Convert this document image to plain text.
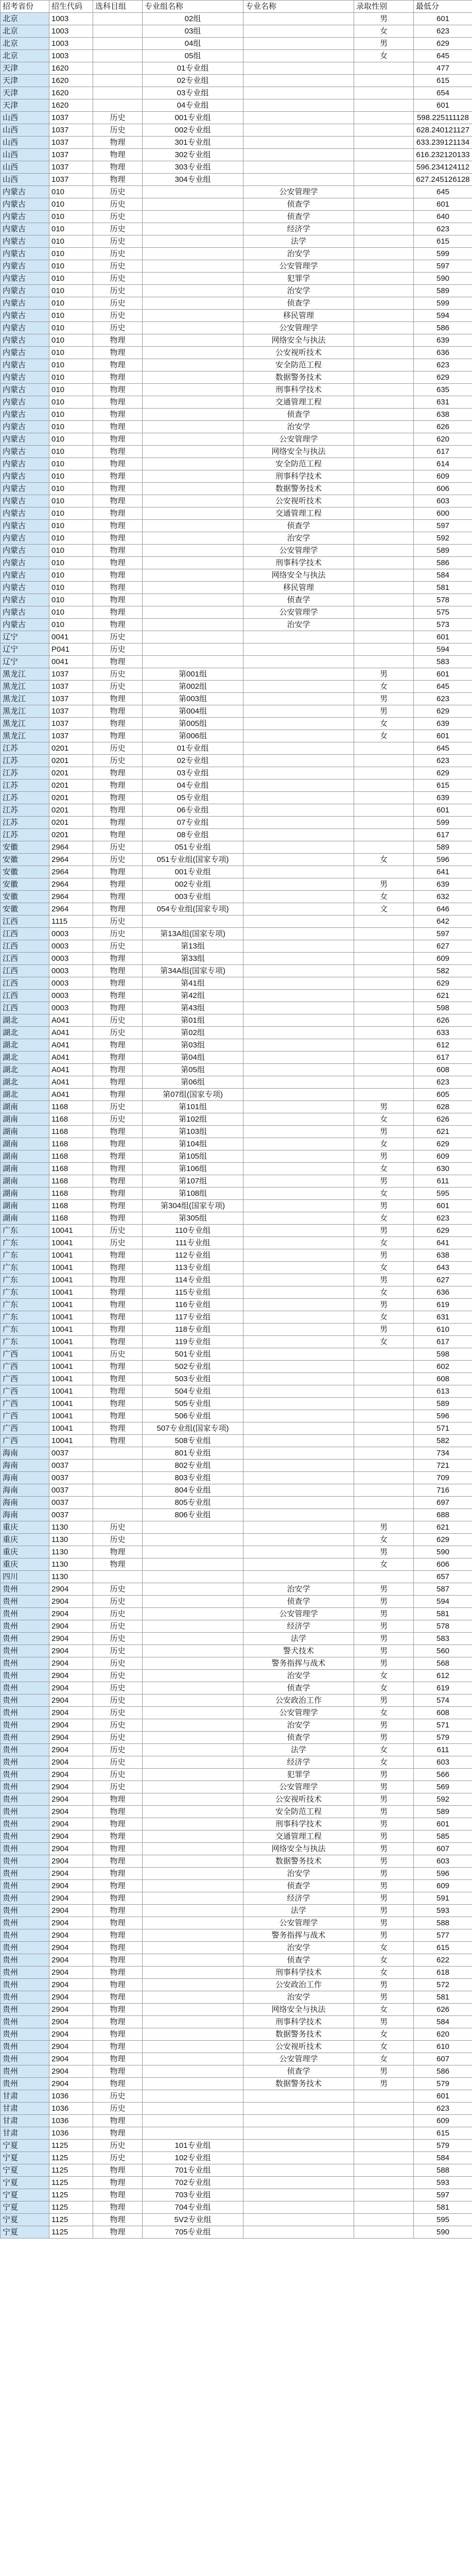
招考省份	招生代码	选科目组	专业组名称	专业名称	录取性别	最低分
北京	1003		02组		男	601
北京	1003		03组		女	623
北京	1003		04组		男	629
北京	1003		05组		女	645
天津	1620		01专业组			477
天津	1620		02专业组			615
天津	1620		03专业组			654
天津	1620		04专业组			601
山西	1037	历史	001专业组			598.225111128
山西	1037	历史	002专业组			628.240121127
山西	1037	物理	301专业组			633.239121134
山西	1037	物理	302专业组			616.232120133
山西	1037	物理	303专业组			596.234124112
山西	1037	物理	304专业组			627.245126128
内蒙古	010	历史		公安管理学		645
内蒙古	010	历史		侦查学		601
内蒙古	010	历史		侦查学		640
内蒙古	010	历史		经济学		623
内蒙古	010	历史		法学		615
内蒙古	010	历史		治安学		599
内蒙古	010	历史		公安管理学		597
内蒙古	010	历史		犯罪学		590
内蒙古	010	历史		治安学		589
内蒙古	010	历史		侦查学		599
内蒙古	010	历史		移民管理		594
内蒙古	010	历史		公安管理学		586
内蒙古	010	物理		网络安全与执法		639
内蒙古	010	物理		公安视听技术		636
内蒙古	010	物理		安全防范工程		623
内蒙古	010	物理		数据警务技术		629
内蒙古	010	物理		刑事科学技术		635
内蒙古	010	物理		交通管理工程		631
内蒙古	010	物理		侦查学		638
内蒙古	010	物理		治安学		626
内蒙古	010	物理		公安管理学		620
内蒙古	010	物理		网络安全与执法		617
内蒙古	010	物理		安全防范工程		614
内蒙古	010	物理		刑事科学技术		609
内蒙古	010	物理		数据警务技术		606
内蒙古	010	物理		公安视听技术		603
内蒙古	010	物理		交通管理工程		600
内蒙古	010	物理		侦查学		597
内蒙古	010	物理		治安学		592
内蒙古	010	物理		公安管理学		589
内蒙古	010	物理		刑事科学技术		586
内蒙古	010	物理		网络安全与执法		584
内蒙古	010	物理		移民管理		581
内蒙古	010	物理		侦查学		578
内蒙古	010	物理		公安管理学		575
内蒙古	010	物理		治安学		573
辽宁	0041	历史				601
辽宁	P041	历史				594
辽宁	0041	物理				583
黑龙江	1037	历史	第001组		男	601
黑龙江	1037	历史	第002组		女	645
黑龙江	1037	物理	第003组		男	623
黑龙江	1037	物理	第004组		男	629
黑龙江	1037	物理	第005组		女	639
黑龙江	1037	物理	第006组		女	601
江苏	0201	历史	01专业组			645
江苏	0201	历史	02专业组			623
江苏	0201	物理	03专业组			629
江苏	0201	物理	04专业组			615
江苏	0201	物理	05专业组			639
江苏	0201	物理	06专业组			601
江苏	0201	物理	07专业组			599
江苏	0201	物理	08专业组			617
安徽	2964	历史	051专业组			589
安徽	2964	历史	051专业组(国家专项)		女	596
安徽	2964	物理	001专业组			641
安徽	2964	物理	002专业组		男	639
安徽	2964	物理	003专业组		女	632
安徽	2964	物理	054专业组(国家专项)		文	646
江西	1115	历史				642
江西	0003	历史	第13A组(国家专项)			597
江西	0003	历史	第13组			627
江西	0003	物理	第33组			609
江西	0003	物理	第34A组(国家专项)			582
江西	0003	物理	第41组			629
江西	0003	物理	第42组			621
江西	0003	物理	第43组			598
湖北	A041	历史	第01组			626
湖北	A041	历史	第02组			633
湖北	A041	物理	第03组			612
湖北	A041	物理	第04组			617
湖北	A041	物理	第05组			608
湖北	A041	物理	第06组			623
湖北	A041	物理	第07组(国家专项)			605
湖南	1168	历史	第101组		男	628
湖南	1168	历史	第102组		女	626
湖南	1168	物理	第103组		男	621
湖南	1168	物理	第104组		女	629
湖南	1168	物理	第105组		男	609
湖南	1168	物理	第106组		女	630
湖南	1168	物理	第107组		男	611
湖南	1168	物理	第108组		女	595
湖南	1168	物理	第304组(国家专项)		男	601
湖南	1168	物理	第305组		女	623
广东	10041	历史	110专业组		男	629
广东	10041	历史	111专业组		女	641
广东	10041	物理	112专业组		男	638
广东	10041	物理	113专业组		女	643
广东	10041	物理	114专业组		男	627
广东	10041	物理	115专业组		女	636
广东	10041	物理	116专业组		男	619
广东	10041	物理	117专业组		女	631
广东	10041	物理	118专业组		男	610
广东	10041	物理	119专业组		女	617
广西	10041	历史	501专业组			598
广西	10041	物理	502专业组			602
广西	10041	物理	503专业组			608
广西	10041	物理	504专业组			613
广西	10041	物理	505专业组			589
广西	10041	物理	506专业组			596
广西	10041	物理	507专业组(国家专项)			571
广西	10041	物理	508专业组			582
海南	0037		801专业组			734
海南	0037		802专业组			721
海南	0037		803专业组			709
海南	0037		804专业组			716
海南	0037		805专业组			697
海南	0037		806专业组			688
重庆	1130	历史			男	621
重庆	1130	历史			女	629
重庆	1130	物理			男	590
重庆	1130	物理			女	606
四川	1130					657
贵州	2904	历史		治安学	男	587
贵州	2904	历史		侦查学	男	594
贵州	2904	历史		公安管理学	男	581
贵州	2904	历史		经济学	男	578
贵州	2904	历史		法学	男	583
贵州	2904	历史		警犬技术	男	560
贵州	2904	历史		警务指挥与战术	男	568
贵州	2904	历史		治安学	女	612
贵州	2904	历史		侦查学	女	619
贵州	2904	历史		公安政治工作	男	574
贵州	2904	历史		公安管理学	女	608
贵州	2904	历史		治安学	男	571
贵州	2904	历史		侦查学	男	579
贵州	2904	历史		法学	女	611
贵州	2904	历史		经济学	女	603
贵州	2904	历史		犯罪学	男	566
贵州	2904	历史		公安管理学	男	569
贵州	2904	物理		公安视听技术	男	592
贵州	2904	物理		安全防范工程	男	589
贵州	2904	物理		刑事科学技术	男	601
贵州	2904	物理		交通管理工程	男	585
贵州	2904	物理		网络安全与执法	男	607
贵州	2904	物理		数据警务技术	男	603
贵州	2904	物理		治安学	男	596
贵州	2904	物理		侦查学	男	609
贵州	2904	物理		经济学	男	591
贵州	2904	物理		法学	男	593
贵州	2904	物理		公安管理学	男	588
贵州	2904	物理		警务指挥与战术	男	577
贵州	2904	物理		治安学	女	615
贵州	2904	物理		侦查学	女	622
贵州	2904	物理		刑事科学技术	女	618
贵州	2904	物理		公安政治工作	男	572
贵州	2904	物理		治安学	男	581
贵州	2904	物理		网络安全与执法	女	626
贵州	2904	物理		刑事科学技术	男	584
贵州	2904	物理		数据警务技术	女	620
贵州	2904	物理		公安视听技术	女	610
贵州	2904	物理		公安管理学	女	607
贵州	2904	物理		侦查学	男	586
贵州	2904	物理		数据警务技术	男	579
甘肃	1036	历史				601
甘肃	1036	历史				623
甘肃	1036	物理				609
甘肃	1036	物理				615
宁夏	1125	历史	101专业组			579
宁夏	1125	历史	102专业组			584
宁夏	1125	物理	701专业组			588
宁夏	1125	物理	702专业组			593
宁夏	1125	物理	703专业组			597
宁夏	1125	物理	704专业组			581
宁夏	1125	物理	5V2专业组			595
宁夏	1125	物理	705专业组			590
